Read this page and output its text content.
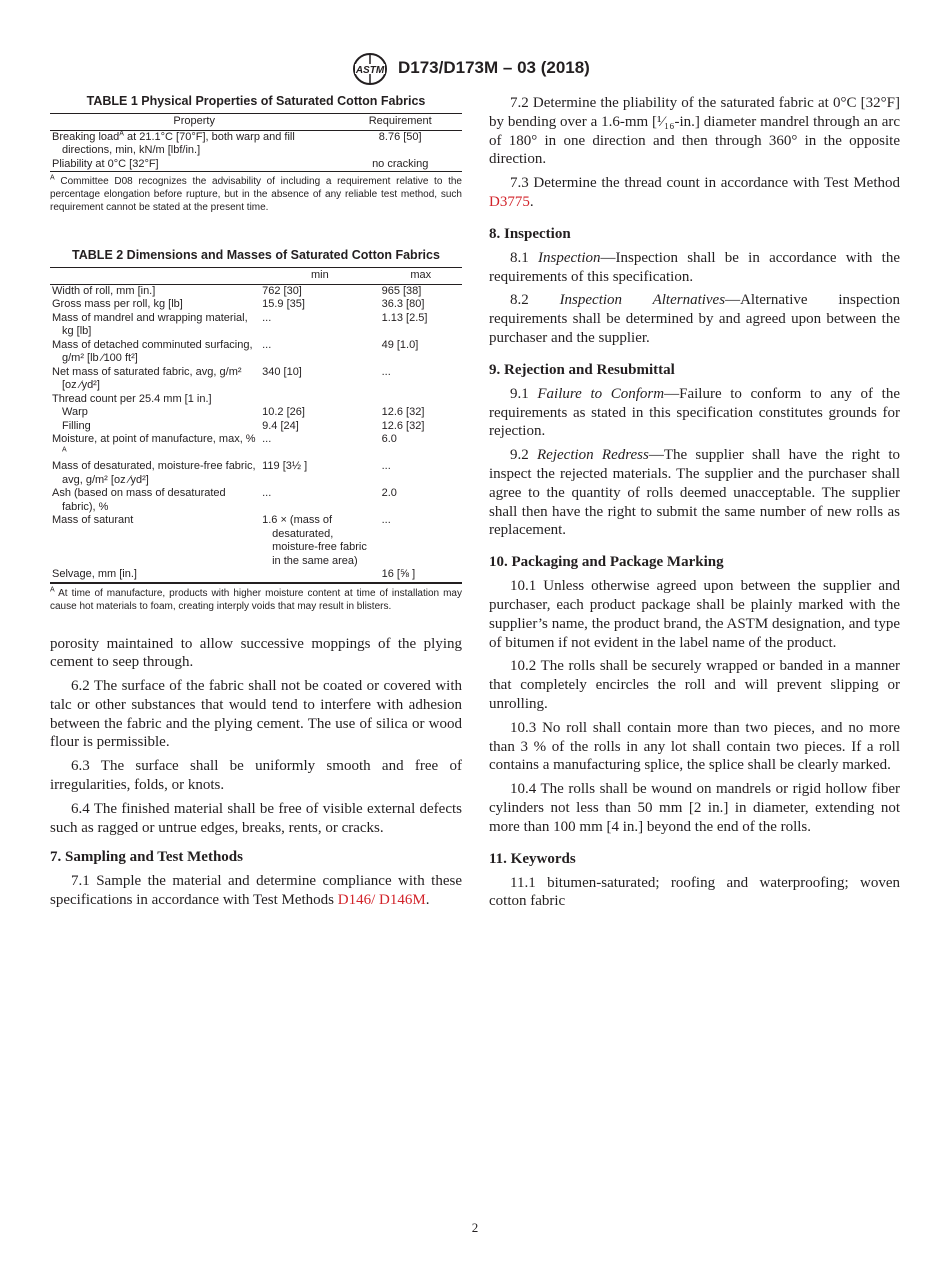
ASTM D173/D173M – 03 (2018)

TABLE 1 Physical Properties of Saturated Cotton Fabrics

Property	Requirement
Breaking load$^A$ at 21.1°C [70°F], both warp and fill directions, min, kN/m [lbf/in.]	8.76 [50]
Pliability at 0°C [32°F]	no cracking

$^A$ Committee D08 recognizes the advisability of including a requirement relative to the percentage elongation before rupture, but in the absence of any reliable test method, such requirement cannot be stated at the present time.

TABLE 2 Dimensions and Masses of Saturated Cotton Fabrics

	min	max
Width of roll, mm [in.]	762 [30]	965 [38]
Gross mass per roll, kg [lb]	15.9 [35]	36.3 [80]
Mass of mandrel and wrapping material, kg [lb]	...	1.13 [2.5]
Mass of detached comminuted surfacing, g/m² [lb ⁄100 ft²]	...	49 [1.0]
Net mass of saturated fabric, avg, g/m² [oz ⁄yd²]	340 [10]	...
Thread count per 25.4 mm [1 in.]		
Warp	10.2 [26]	12.6 [32]
Filling	9.4 [24]	12.6 [32]
Moisture, at point of manufacture, max, % $^A$	...	6.0
Mass of desaturated, moisture-free fabric, avg, g/m² [oz ⁄yd²]	119 [3½ ]	...
Ash (based on mass of desaturated fabric), %	...	2.0
Mass of saturant	1.6 × (mass of desaturated, moisture-free fabric in the same area)	...
Selvage, mm [in.]		16 [⅝ ]

$^A$ At time of manufacture, products with higher moisture content at time of installation may cause hot materials to foam, creating interply voids that may result in blisters.

porosity maintained to allow successive moppings of the plying cement to seep through.

6.2 The surface of the fabric shall not be coated or covered with talc or other substances that would tend to interfere with adhesion between the fabric and the plying cement. The use of silica or wood flour is permissible.

6.3 The surface shall be uniformly smooth and free of irregularities, folds, or knots.

6.4 The finished material shall be free of visible external defects such as ragged or untrue edges, breaks, rents, or cracks.

7. Sampling and Test Methods

7.1 Sample the material and determine compliance with these specifications in accordance with Test Methods D146/ D146M.

7.2 Determine the pliability of the saturated fabric at 0°C [32°F] by bending over a 1.6-mm [¹⁄₁₆-in.] diameter mandrel through an arc of 180° in one direction and then through 360° in the opposite direction.

7.3 Determine the thread count in accordance with Test Method D3775.

8. Inspection

8.1 Inspection—Inspection shall be in accordance with the requirements of this specification.

8.2 Inspection Alternatives—Alternative inspection requirements shall be determined by and agreed upon between the purchaser and the supplier.

9. Rejection and Resubmittal

9.1 Failure to Conform—Failure to conform to any of the requirements as stated in this specification constitutes grounds for rejection.

9.2 Rejection Redress—The supplier shall have the right to inspect the rejected materials. The supplier and the purchaser shall agree to the quantity of rolls deemed unacceptable. The supplier shall then have the right to submit the same number of new rolls as replacement.

10. Packaging and Package Marking

10.1 Unless otherwise agreed upon between the supplier and purchaser, each product package shall be plainly marked with the supplier’s name, the product brand, the ASTM designation, and type of bitumen if not evident in the label name of the product.

10.2 The rolls shall be securely wrapped or banded in a manner that completely encircles the roll and will prevent slipping or unrolling.

10.3 No roll shall contain more than two pieces, and no more than 3 % of the rolls in any lot shall contain two pieces. If a roll contains a manufacturing splice, the splice shall be clearly marked.

10.4 The rolls shall be wound on mandrels or rigid hollow fiber cylinders not less than 50 mm [2 in.] in diameter, extending not more than 100 mm [4 in.] beyond the end of the rolls.

11. Keywords

11.1 bitumen-saturated; roofing and waterproofing; woven cotton fabric

2
